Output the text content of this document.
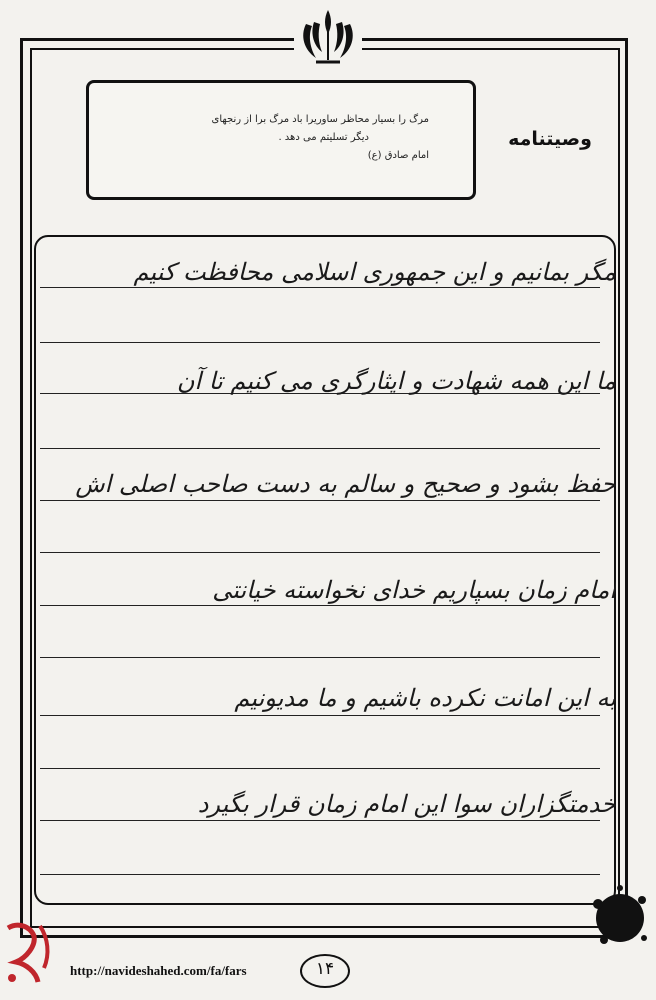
مرگ را بسیار محاظر ساوریرا باد مرگ برا از رنجهای
دیگر تسلیتم می دهد .
امام صادق (ع)
وصیتنامه
مگر بمانیم و این جمهوری اسلامی محافظت کنیم
ما این همه شهادت و ایثارگری می کنیم تا آن
حفظ بشود و صحیح و سالم به دست صاحب اصلی اش
امام زمان بسپاریم خدای نخواسته خیانتی
به این امانت نکرده باشیم و ما مدیونیم
خدمتگزاران سوا این امام زمان قرار بگیرد
http://navideshahed.com/fa/fars	۱۴
